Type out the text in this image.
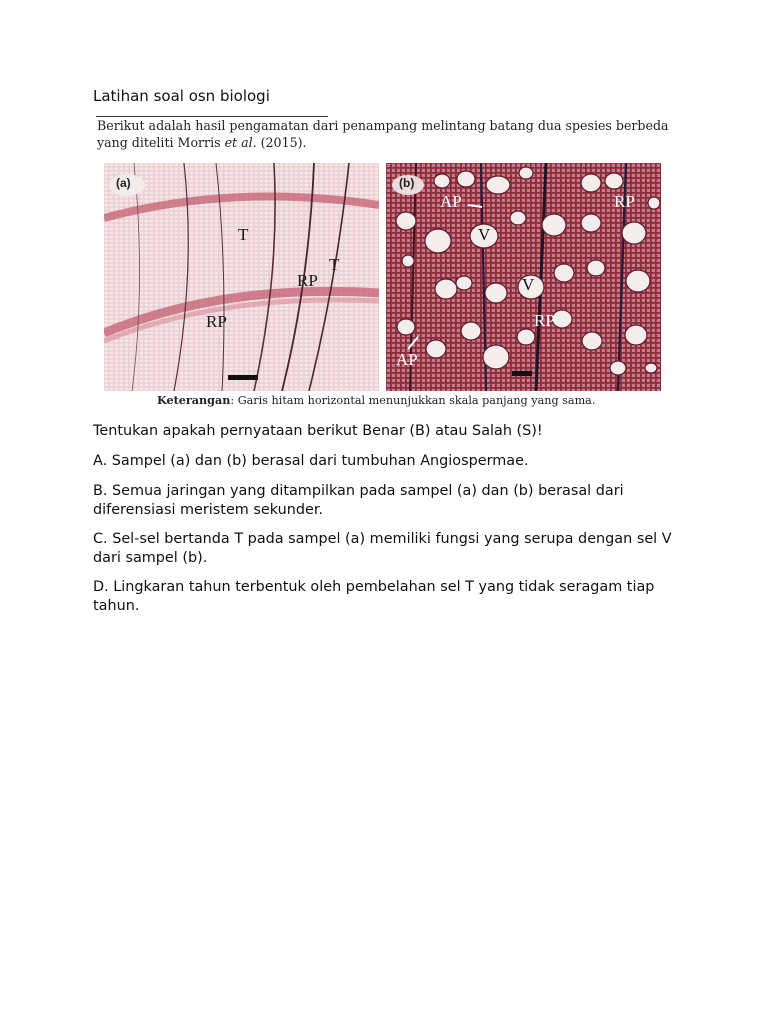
Latihan soal osn biologi
Berikut adalah hasil pengamatan dari penampang melintang batang dua spesies berbeda yang diteliti Morris et al. (2015).
(a)
T
T
RP
RP
(b)
AP	RP
V
V
RP
AP
Keterangan: Garis hitam horizontal menunjukkan skala panjang yang sama.
Tentukan apakah pernyataan berikut Benar (B) atau Salah (S)!
A. Sampel (a) dan (b) berasal dari tumbuhan Angiospermae.
B. Semua jaringan yang ditampilkan pada sampel (a) dan (b) berasal dari diferensiasi meristem sekunder.
C. Sel-sel bertanda T pada sampel (a) memiliki fungsi yang serupa dengan sel V dari sampel (b).
D. Lingkaran tahun terbentuk oleh pembelahan sel T yang tidak seragam tiap tahun.
